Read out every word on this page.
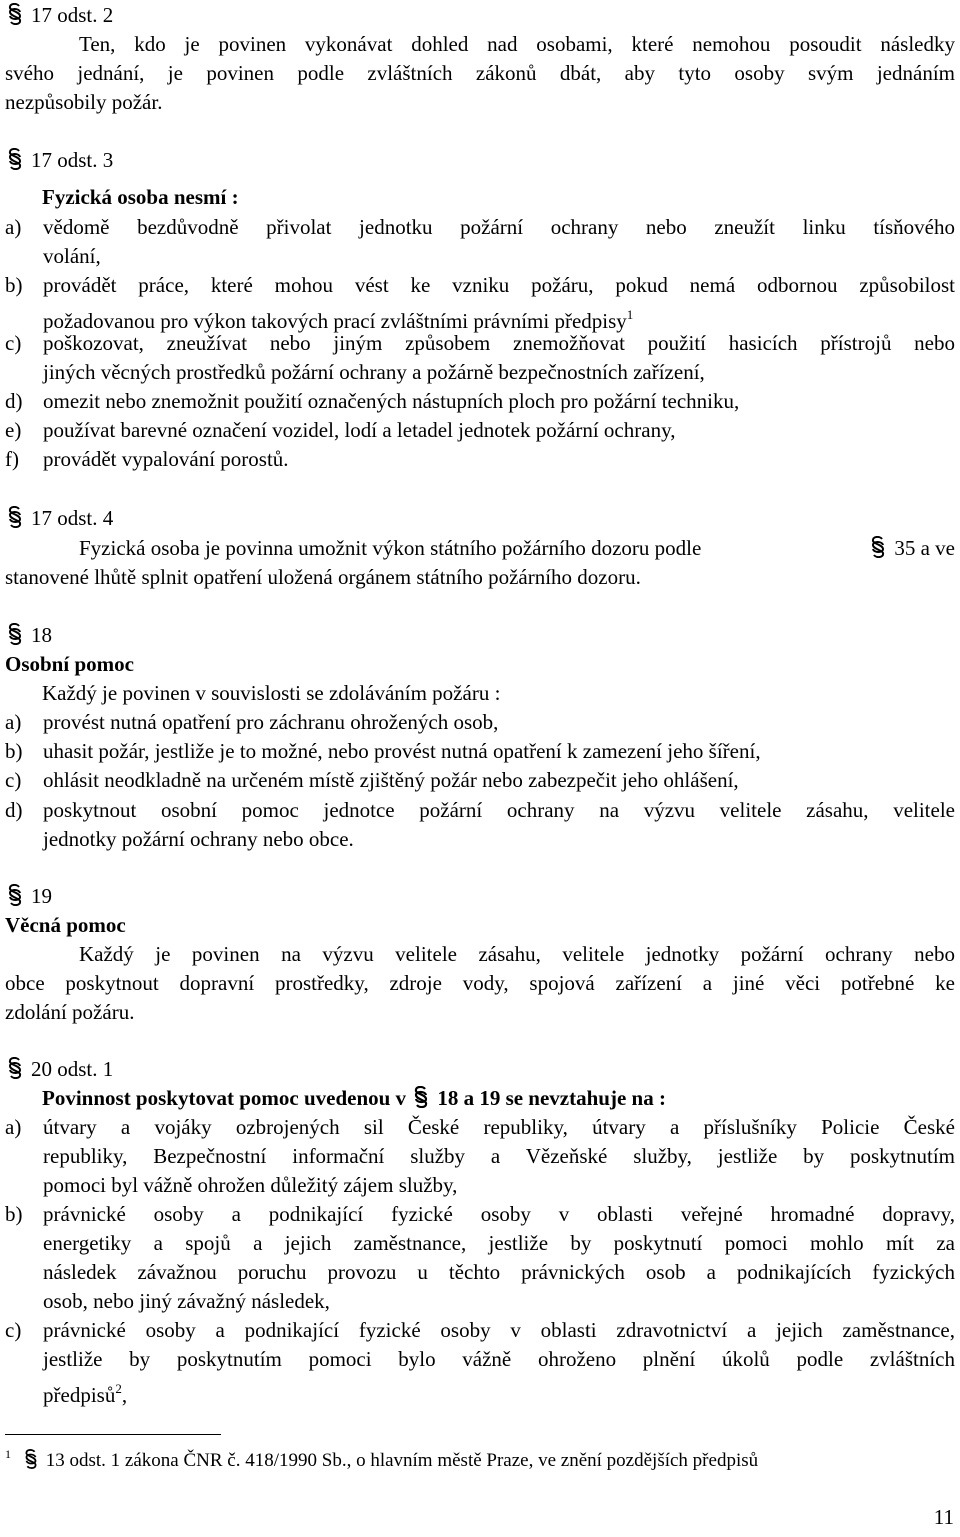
17 odst. 2
Ten, kdo je povinen vykonávat dohled nad osobami, které nemohou posoudit následky
svého jednání, je povinen podle zvláštních zákonů dbát, aby tyto osoby svým jednáním
nezpůsobily požár.
17 odst. 3
Fyzická osoba nesmí :
a) vědomě bezdůvodně přivolat jednotku požární ochrany nebo zneužít linku tísňového
volání,
b) provádět práce, které mohou vést ke vzniku požáru, pokud nemá odbornou způsobilost
požadovanou pro výkon takových prací zvláštními právními předpisy$^1$
c) poškozovat, zneužívat nebo jiným způsobem znemožňovat použití hasicích přístrojů nebo
jiných věcných prostředků požární ochrany a požárně bezpečnostních zařízení,
d) omezit nebo znemožnit použití označených nástupních ploch pro požární techniku,
e) používat barevné označení vozidel, lodí a letadel jednotek požární ochrany,
f) provádět vypalování porostů.
17 odst. 4
Fyzická osoba je povinna umožnit výkon státního požárního dozoru podle	35 a ve
stanovené lhůtě splnit opatření uložená orgánem státního požárního dozoru.
18
Osobní pomoc
Každý je povinen v souvislosti se zdoláváním požáru :
a) provést nutná opatření pro záchranu ohrožených osob,
b) uhasit požár, jestliže je to možné, nebo provést nutná opatření k zamezení jeho šíření,
c) ohlásit neodkladně na určeném místě zjištěný požár nebo zabezpečit jeho ohlášení,
d) poskytnout osobní pomoc jednotce požární ochrany na výzvu velitele zásahu, velitele
jednotky požární ochrany nebo obce.
19
Věcná pomoc
Každý je povinen na výzvu velitele zásahu, velitele jednotky požární ochrany nebo
obce poskytnout dopravní prostředky, zdroje vody, spojová zařízení a jiné věci potřebné ke
zdolání požáru.
20 odst. 1
Povinnost poskytovat pomoc uvedenou v 18 a 19 se nevztahuje na :
a) útvary a vojáky ozbrojených sil České republiky, útvary a příslušníky Policie České
republiky, Bezpečnostní informační služby a Vězeňské služby, jestliže by poskytnutím
pomoci byl vážně ohrožen důležitý zájem služby,
b) právnické osoby a podnikající fyzické osoby v oblasti veřejné hromadné dopravy,
energetiky a spojů a jejich zaměstnance, jestliže by poskytnutí pomoci mohlo mít za
následek závažnou poruchu provozu u těchto právnických osob a podnikajících fyzických
osob, nebo jiný závažný následek,
c) právnické osoby a podnikající fyzické osoby v oblasti zdravotnictví a jejich zaměstnance,
jestliže by poskytnutím pomoci bylo vážně ohroženo plnění úkolů podle zvláštních
předpisů$^2$,
$^1$ 13 odst. 1 zákona ČNR č. 418/1990 Sb., o hlavním městě Praze, ve znění pozdějších předpisů
11
